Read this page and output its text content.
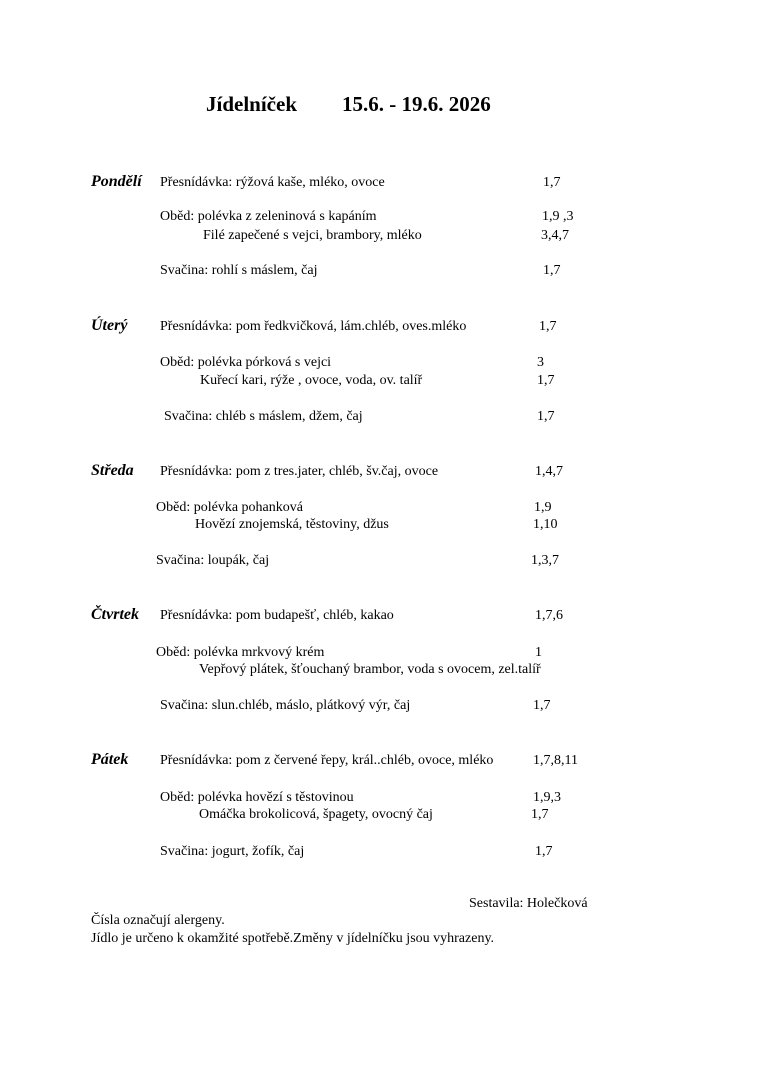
Jídelníček 15.6. - 19.6. 2026
Pondělí Přesnídávka: rýžová kaše, mléko, ovoce	1,7
Oběd: polévka z zeleninová s kapáním	1,9 ,3
Filé zapečené s vejci, brambory, mléko	3,4,7
Svačina: rohlí s máslem, čaj	1,7
Úterý Přesnídávka: pom ředkvičková, lám.chléb, oves.mléko	1,7
Oběd: polévka pórková s vejci	3
Kuřecí kari, rýže , ovoce, voda, ov. talíř	1,7
Svačina: chléb s máslem, džem, čaj	1,7
Středa Přesnídávka: pom z tres.jater, chléb, šv.čaj, ovoce	1,4,7
Oběd: polévka pohanková	1,9
Hovězí znojemská, těstoviny, džus	1,10
Svačina: loupák, čaj	1,3,7
Čtvrtek Přesnídávka: pom budapešť, chléb, kakao	1,7,6
Oběd: polévka mrkvový krém	1
Vepřový plátek, šťouchaný brambor, voda s ovocem, zel.talíř
Svačina: slun.chléb, máslo, plátkový výr, čaj	1,7
Pátek Přesnídávka: pom z červené řepy, král..chléb, ovoce, mléko	1,7,8,11
Oběd: polévka hovězí s těstovinou	1,9,3
Omáčka brokolicová, špagety, ovocný čaj	1,7
Svačina: jogurt, žofík, čaj	1,7
Sestavila: Holečková
Čísla označují alergeny.
Jídlo je určeno k okamžité spotřebě.Změny v jídelníčku jsou vyhrazeny.
